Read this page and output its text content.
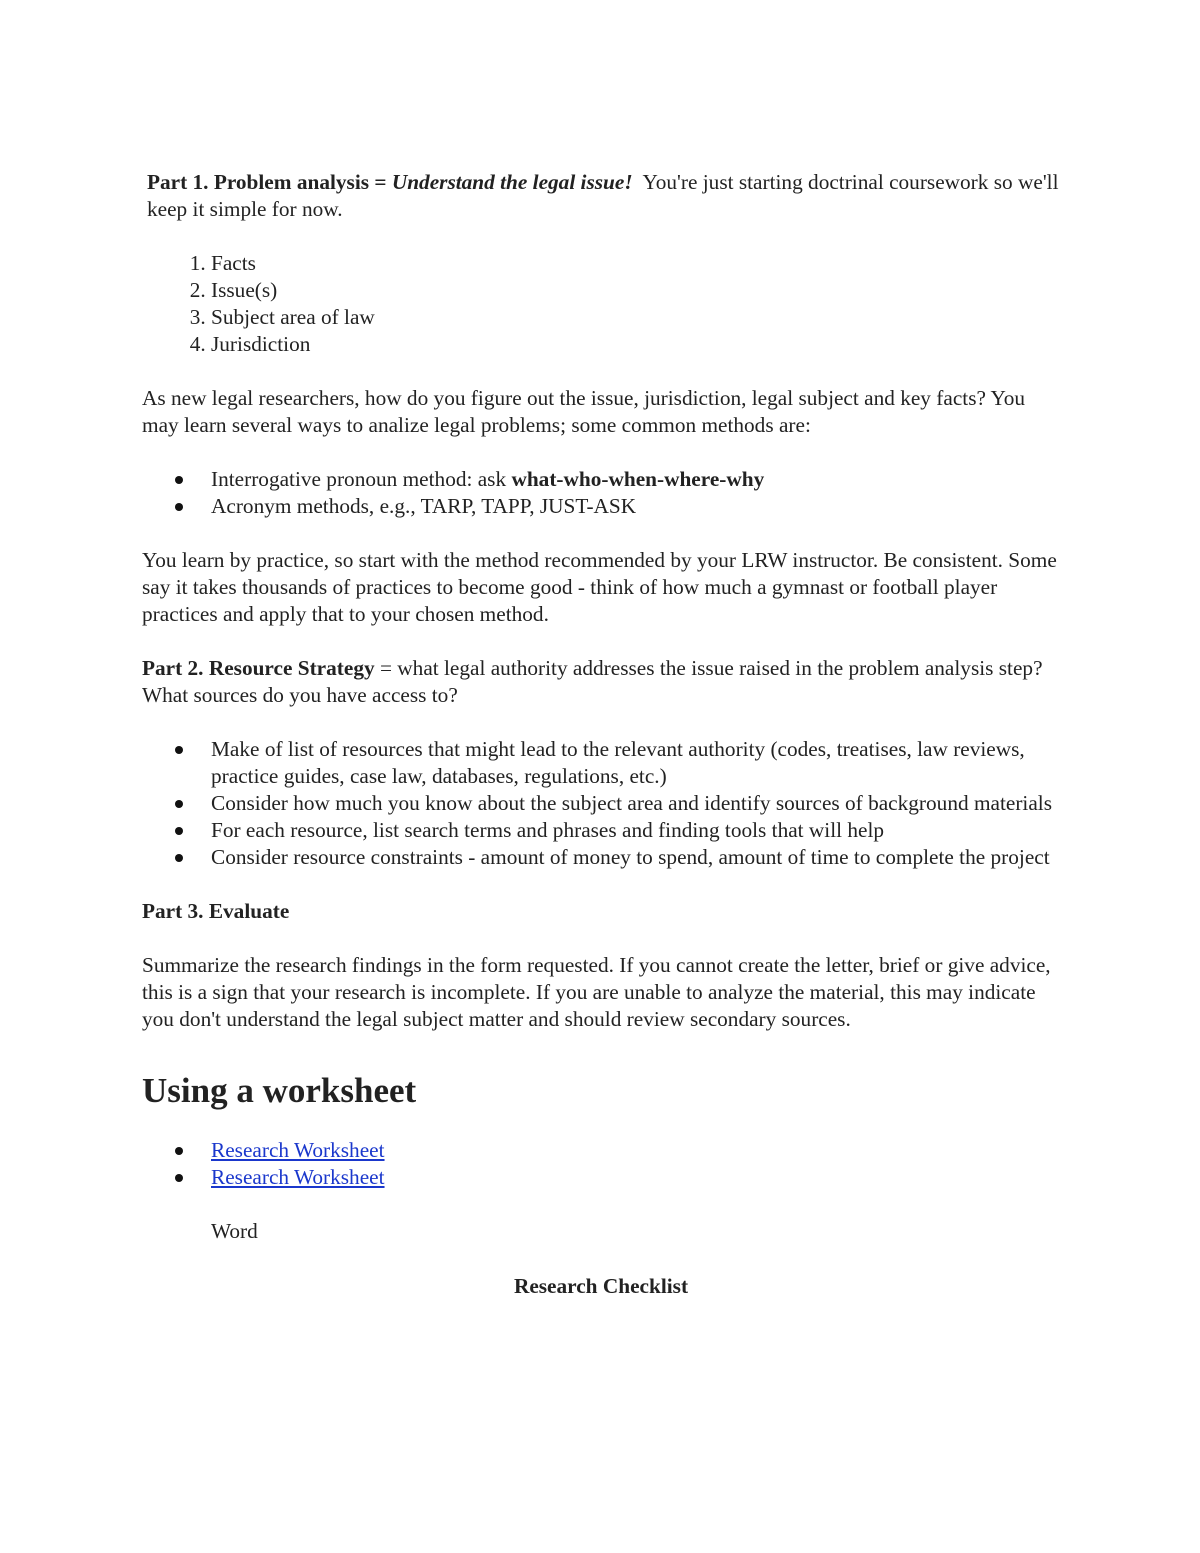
Part 1. Problem analysis = Understand the legal issue! You're just starting doctrinal coursework so we'll keep it simple for now.

1. Facts
2. Issue(s)
3. Subject area of law
4. Jurisdiction

As new legal researchers, how do you figure out the issue, jurisdiction, legal subject and key facts? You may learn several ways to analize legal problems; some common methods are:

Interrogative pronoun method: ask what-who-when-where-why
Acronym methods, e.g., TARP, TAPP, JUST-ASK

You learn by practice, so start with the method recommended by your LRW instructor. Be consistent. Some say it takes thousands of practices to become good - think of how much a gymnast or football player practices and apply that to your chosen method.

Part 2. Resource Strategy = what legal authority addresses the issue raised in the problem analysis step? What sources do you have access to?

Make of list of resources that might lead to the relevant authority (codes, treatises, law reviews, practice guides, case law, databases, regulations, etc.)
Consider how much you know about the subject area and identify sources of background materials
For each resource, list search terms and phrases and finding tools that will help
Consider resource constraints - amount of money to spend, amount of time to complete the project

Part 3. Evaluate

Summarize the research findings in the form requested. If you cannot create the letter, brief or give advice, this is a sign that your research is incomplete. If you are unable to analyze the material, this may indicate you don't understand the legal subject matter and should review secondary sources.

Using a worksheet
Research Worksheet
Research Worksheet

Word

Research Checklist
